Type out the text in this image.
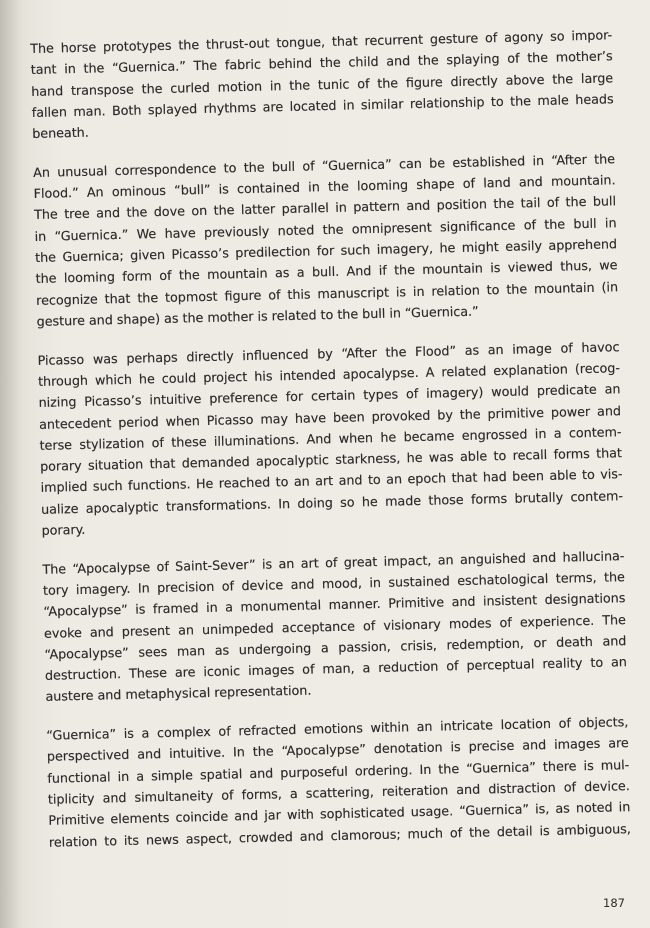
The horse prototypes the thrust-out tongue, that recurrent gesture of agony so impor-
tant in the “Guernica.” The fabric behind the child and the splaying of the mother’s
hand transpose the curled motion in the tunic of the figure directly above the large
fallen man. Both splayed rhythms are located in similar relationship to the male heads
beneath.
An unusual correspondence to the bull of “Guernica” can be established in “After the
Flood.” An ominous “bull” is contained in the looming shape of land and mountain.
The tree and the dove on the latter parallel in pattern and position the tail of the bull
in “Guernica.” We have previously noted the omnipresent significance of the bull in
the Guernica; given Picasso’s predilection for such imagery, he might easily apprehend
the looming form of the mountain as a bull. And if the mountain is viewed thus, we
recognize that the topmost figure of this manuscript is in relation to the mountain (in
gesture and shape) as the mother is related to the bull in “Guernica.”
Picasso was perhaps directly influenced by “After the Flood” as an image of havoc
through which he could project his intended apocalypse. A related explanation (recog-
nizing Picasso’s intuitive preference for certain types of imagery) would predicate an
antecedent period when Picasso may have been provoked by the primitive power and
terse stylization of these illuminations. And when he became engrossed in a contem-
porary situation that demanded apocalyptic starkness, he was able to recall forms that
implied such functions. He reached to an art and to an epoch that had been able to vis-
ualize apocalyptic transformations. In doing so he made those forms brutally contem-
porary.
The “Apocalypse of Saint-Sever” is an art of great impact, an anguished and hallucina-
tory imagery. In precision of device and mood, in sustained eschatological terms, the
“Apocalypse” is framed in a monumental manner. Primitive and insistent designations
evoke and present an unimpeded acceptance of visionary modes of experience. The
“Apocalypse” sees man as undergoing a passion, crisis, redemption, or death and
destruction. These are iconic images of man, a reduction of perceptual reality to an
austere and metaphysical representation.
“Guernica” is a complex of refracted emotions within an intricate location of objects,
perspectived and intuitive. In the “Apocalypse” denotation is precise and images are
functional in a simple spatial and purposeful ordering. In the “Guernica” there is mul-
tiplicity and simultaneity of forms, a scattering, reiteration and distraction of device.
Primitive elements coincide and jar with sophisticated usage. “Guernica” is, as noted in
relation to its news aspect, crowded and clamorous; much of the detail is ambiguous,
187
